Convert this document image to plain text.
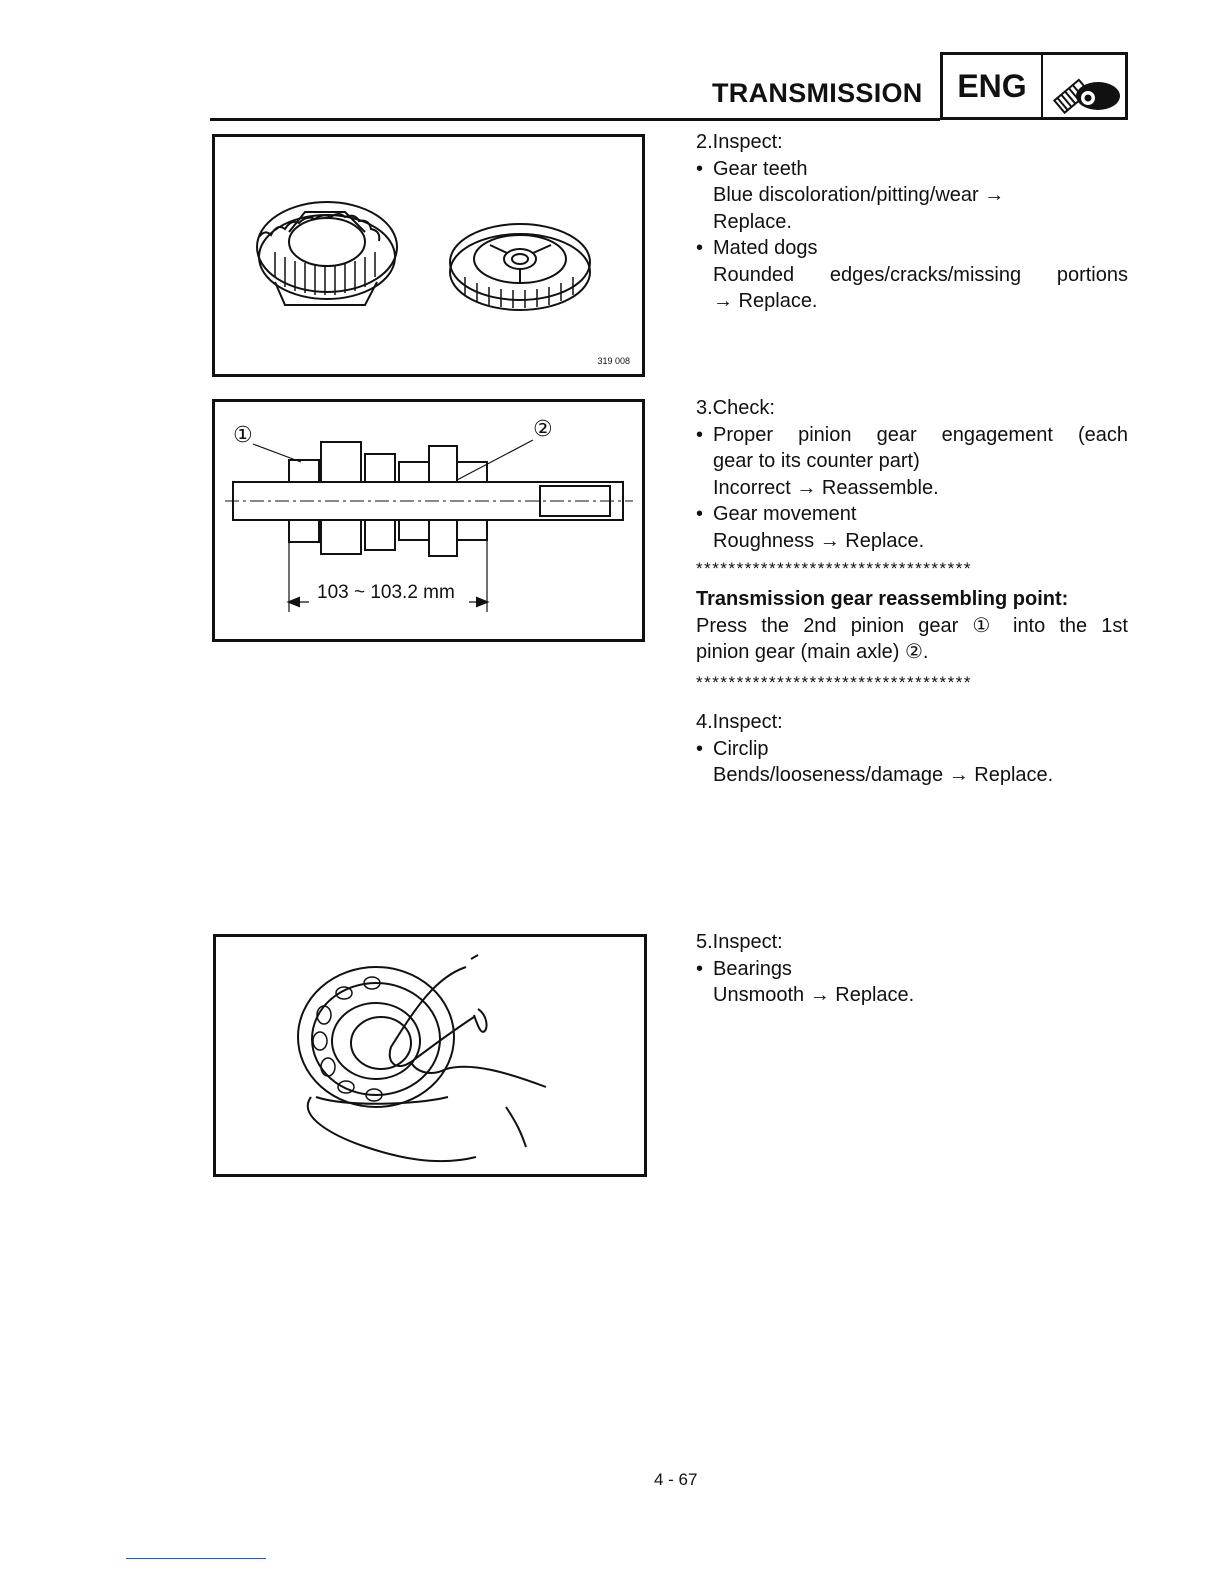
TRANSMISSION	ENG
319 008
103 ~ 103.2 mm
①	②

2.Inspect:

• Gear teeth

Blue discoloration/pitting/wear →

Replace.

• Mated dogs

Rounded edges/cracks/missing portions

→ Replace.

3.Check:

• Proper pinion gear engagement (each

gear to its counter part)

Incorrect → Reassemble.

• Gear movement

Roughness → Replace.

**********************************

Transmission gear reassembling point:

Press the 2nd pinion gear ① into the 1st

pinion gear (main axle) ②.

**********************************

4.Inspect:

• Circlip

Bends/looseness/damage → Replace.

5.Inspect:

• Bearings

Unsmooth → Replace.

4 - 67
